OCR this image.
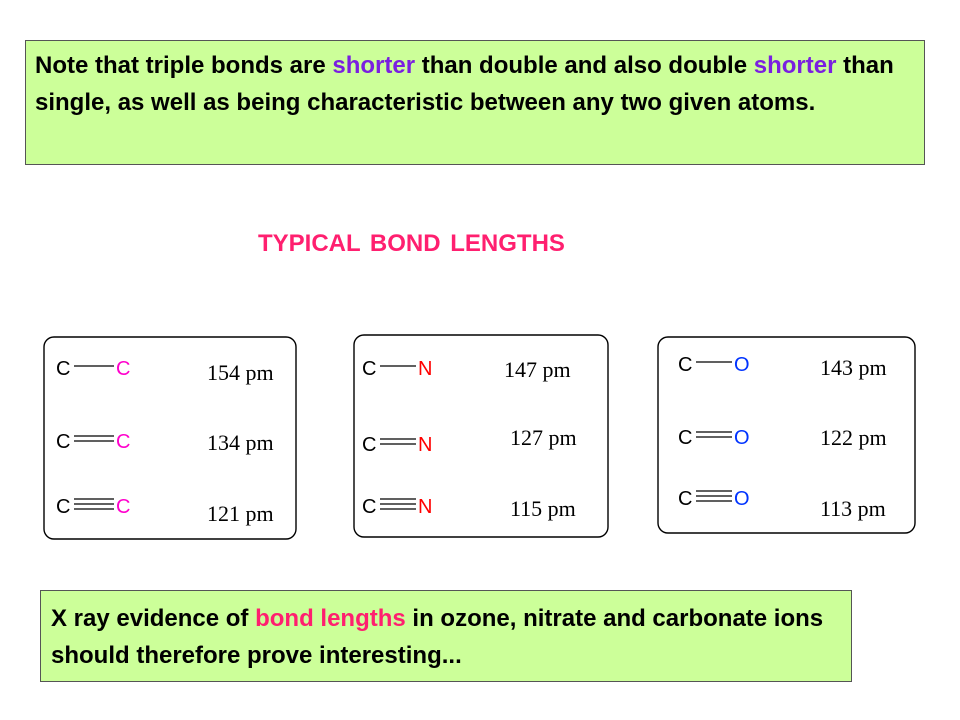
Note that triple bonds are shorter than double and also double shorter than single, as well as being characteristic between any two given atoms.
TYPICAL BOND LENGTHS
C C	154 pm
C C	134 pm
C C	121 pm
C N	147 pm
C N	127 pm
C N	115 pm
C O	143 pm
C O	122 pm
C O	113 pm
X ray evidence of bond lengths in ozone, nitrate and carbonate ions should therefore prove interesting...
